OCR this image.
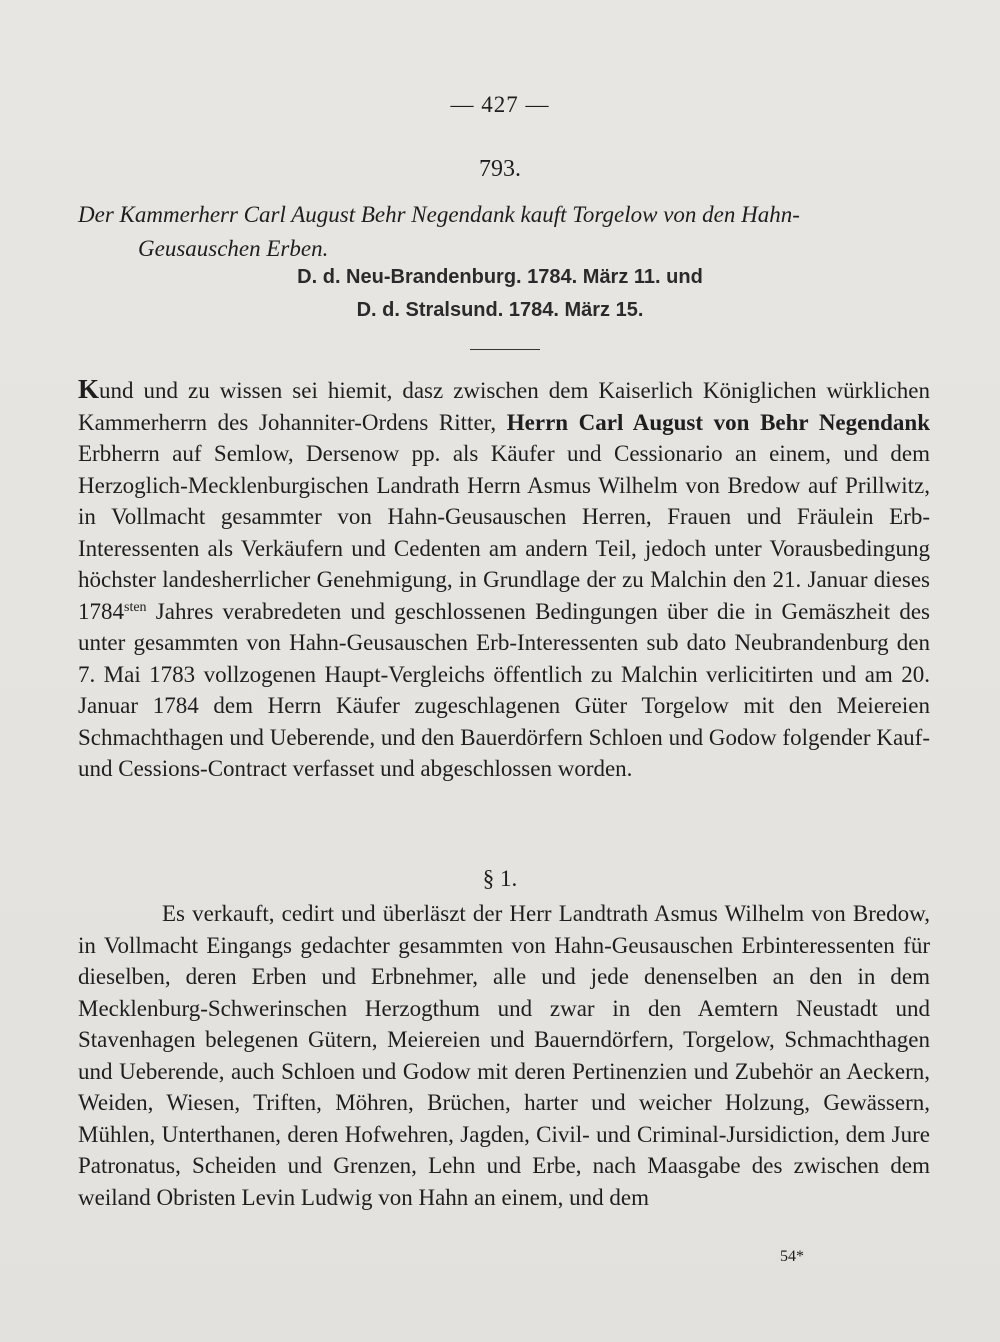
— 427 —
793.
Der Kammerherr Carl August Behr Negendank kauft Torgelow von den Hahn-
Geusauschen Erben.
D. d. Neu-Brandenburg. 1784. März 11. und
D. d. Stralsund. 1784. März 15.
Kund und zu wissen sei hiemit, dasz zwischen dem Kaiserlich Königlichen würklichen Kammerherrn des Johanniter-Ordens Ritter, Herrn Carl August von Behr Negendank Erbherrn auf Semlow, Dersenow pp. als Käufer und Cessionario an einem, und dem Herzoglich-Mecklenburgischen Landrath Herrn Asmus Wilhelm von Bredow auf Prillwitz, in Vollmacht gesammter von Hahn-Geusauschen Herren, Frauen und Fräulein Erb-Interessenten als Verkäufern und Cedenten am andern Teil, jedoch unter Vorausbedingung höchster landesherrlicher Genehmigung, in Grundlage der zu Malchin den 21. Januar dieses $1784^{sten}$ Jahres verabredeten und geschlossenen Bedingungen über die in Gemäszheit des unter gesammten von Hahn-Geusauschen Erb-Interessenten sub dato Neubrandenburg den 7. Mai 1783 vollzogenen Haupt-Vergleichs öffentlich zu Malchin verlicitirten und am 20. Januar 1784 dem Herrn Käufer zugeschlagenen Güter Torgelow mit den Meiereien Schmachthagen und Ueberende, und den Bauerdörfern Schloen und Godow folgender Kauf- und Cessions-Contract verfasset und abgeschlossen worden.
§ 1.
Es verkauft, cedirt und überläszt der Herr Landtrath Asmus Wilhelm von Bredow, in Vollmacht Eingangs gedachter gesammten von Hahn-Geusauschen Erbinteressenten für dieselben, deren Erben und Erbnehmer, alle und jede denenselben an den in dem Mecklenburg-Schwerinschen Herzogthum und zwar in den Aemtern Neustadt und Stavenhagen belegenen Gütern, Meiereien und Bauerndörfern, Torgelow, Schmachthagen und Ueberende, auch Schloen und Godow mit deren Pertinenzien und Zubehör an Aeckern, Weiden, Wiesen, Triften, Möhren, Brüchen, harter und weicher Holzung, Gewässern, Mühlen, Unterthanen, deren Hofwehren, Jagden, Civil- und Criminal-Jursidiction, dem Jure Patronatus, Scheiden und Grenzen, Lehn und Erbe, nach Maasgabe des zwischen dem weiland Obristen Levin Ludwig von Hahn an einem, und dem
54*
